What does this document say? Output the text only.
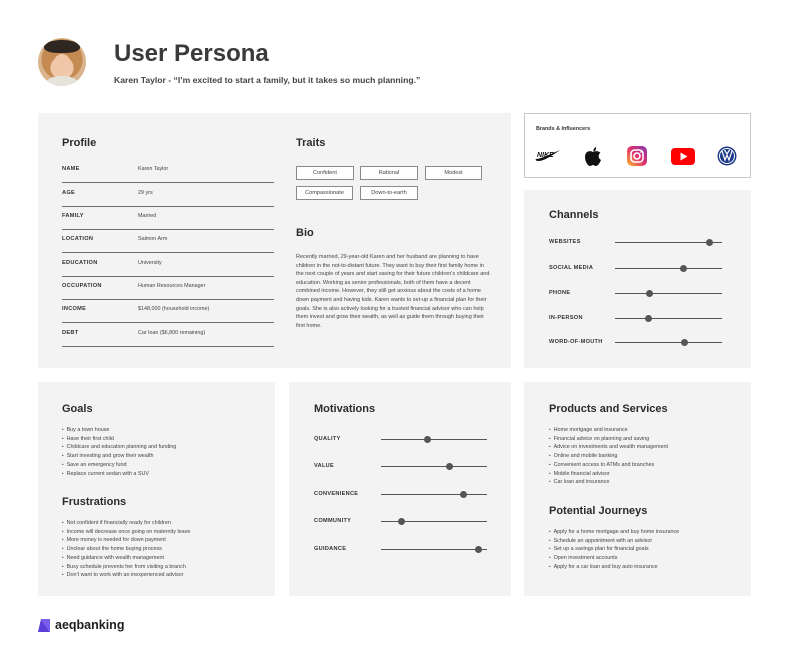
User Persona
Karen Taylor - “I’m excited to start a family, but it takes so much planning.”
Profile
NAME	Karen Taylor
AGE	29 yrs
FAMILY	Married
LOCATION	Salmon Arm
EDUCATION	University
OCCUPATION	Human Resources Manager
INCOME	$148,000 (household income)
DEBT	Car loan ($6,800 remaining)
Traits
Confident	Rational	Modest
Compassionate	Down-to-earth
Bio
Recently married, 29-year-old Karen and her husband are planning to have children in the not-to-distant future. They want to buy their first family home in the next couple of years and start saving for their future children’s childcare and education. Working as senior professionals, both of them have a decent combined income. However, they still get anxious about the costs of a home down payment and having kids. Karen wants to set-up a financial plan for their goals. She is also actively looking for a trusted financial advisor who can help them invest and grow their wealth, as well as guide them through buying their first home.
Brands & Influencers
NIKE
Channels
WEBSITES
SOCIAL MEDIA
PHONE
IN-PERSON
WORD-OF-MOUTH
Goals
• Buy a town house
• Have their first child
• Childcare and education planning and funding
• Start investing and grow their wealth
• Save an emergency fund
• Replace current sedan with a SUV
Frustrations
• Not confident if financially ready for children
• Income will decrease once going on maternity leave
• More money is needed for down payment
• Unclear about the home buying process
• Need guidance with wealth management
• Busy schedule prevents her from visiting a branch
• Don’t want to work with an inexperienced advisor
Motivations
QUALITY
VALUE
CONVENIENCE
COMMUNITY
GUIDANCE
Products and Services
• Home mortgage and insurance
• Financial advice on planning and saving
• Advice on investments and wealth management
• Online and mobile banking
• Convenient access to ATMs and branches
• Mobile financial advisor
• Car loan and insurance
Potential Journeys
• Apply for a home mortgage and buy home insurance
• Schedule an appointment with an advisor
• Set up a savings plan for financial goals
• Open investment accounts
• Apply for a car loan and buy auto insurance
aeqbanking
